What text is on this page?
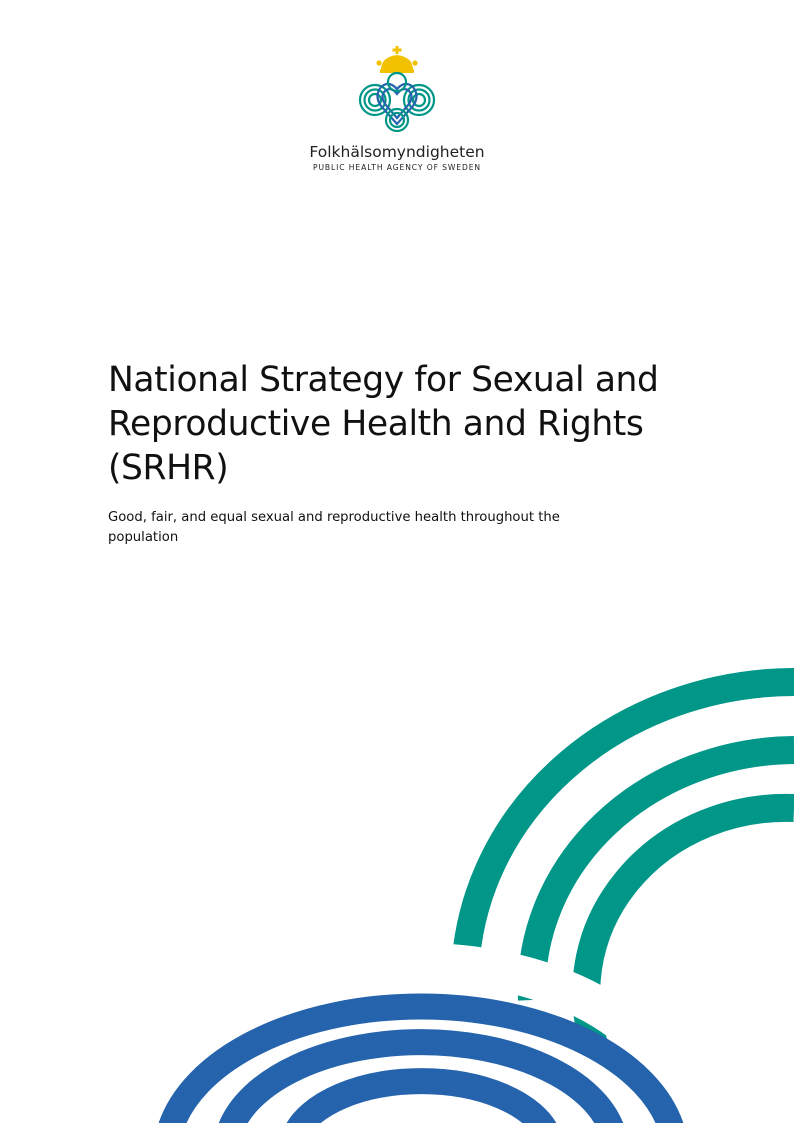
Folkhälsomyndigheten
PUBLIC HEALTH AGENCY OF SWEDEN
National Strategy for Sexual and Reproductive Health and Rights (SRHR)

Good, fair, and equal sexual and reproductive health throughout the population
